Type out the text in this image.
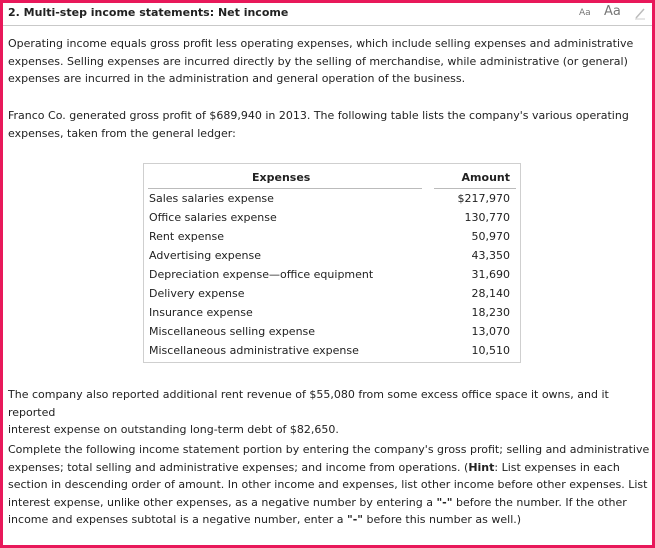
2. Multi-step income statements: Net income	Aa Aa

Operating income equals gross profit less operating expenses, which include selling expenses and administrative
expenses. Selling expenses are incurred directly by the selling of merchandise, while administrative (or general)
expenses are incurred in the administration and general operation of the business.

Franco Co. generated gross profit of $689,940 in 2013. The following table lists the company's various operating
expenses, taken from the general ledger:

Expenses	Amount
Sales salaries expense	$217,970
Office salaries expense	130,770
Rent expense	50,970
Advertising expense	43,350
Depreciation expense—office equipment	31,690
Delivery expense	28,140
Insurance expense	18,230
Miscellaneous selling expense	13,070
Miscellaneous administrative expense	10,510

The company also reported additional rent revenue of $55,080 from some excess office space it owns, and it reported
interest expense on outstanding long-term debt of $82,650.

Complete the following income statement portion by entering the company's gross profit; selling and administrative
expenses; total selling and administrative expenses; and income from operations. (Hint: List expenses in each
section in descending order of amount. In other income and expenses, list other income before other expenses. List
interest expense, unlike other expenses, as a negative number by entering a "-" before the number. If the other
income and expenses subtotal is a negative number, enter a "-" before this number as well.)
